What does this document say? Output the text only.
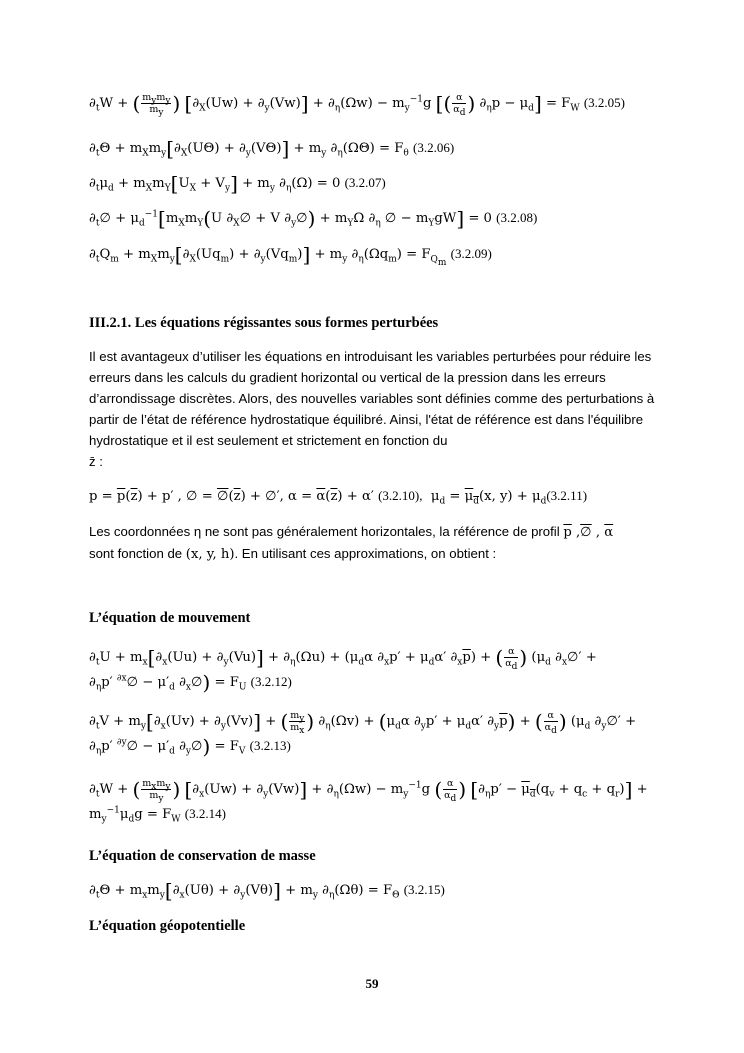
$\partial_tW$ + ( $\frac{m_ym_y}{m_y}$ ) $[\partial_X(Uw) + \partial_y(Vw)] + \partial_\eta(\Omega w) - m_y^{-1}g$ [( $\frac{\alpha}{\alpha_d}$ ) $\partial_\eta p - \mu_d] = F_W$ (3.2.05)
$\partial_t\Theta + m_Xm_y[\partial_X(U\Theta) + \partial_y(V\Theta)] + m_y$ $\partial_\eta(\Omega\Theta) = F_\theta$ (3.2.06)
$\partial_t\mu_d + m_Xm_Y[U_X + V_y] + m_y$ $\partial_\eta(\Omega) = 0$ (3.2.07)
$\partial_t\emptyset + \mu_d^{-1}[m_Xm_Y(U$ $\partial_X\emptyset + V$ $\partial_y\emptyset) + m_Y\Omega$ $\partial_\eta$ ∅ − $m_YgW] = 0$ (3.2.08)
$\partial_tQ_m + m_Xm_y[\partial_X(Uq_m) + \partial_y(Vq_m)] + m_y$ $\partial_\eta(\Omega q_m) = F_{Q_m}$ (3.2.09)
III.2.1. Les équations régissantes sous formes perturbées
Il est avantageux d’utiliser les équations en introduisant les variables perturbées pour réduire les erreurs dans les calculs du gradient horizontal ou vertical de la pression dans les erreurs d’arrondissage discrètes. Alors, des nouvelles variables sont définies comme des perturbations à partir de l’état de référence hydrostatique équilibré. Ainsi, l'état de référence est dans l'équilibre hydrostatique et il est seulement et strictement en fonction du
z̄ :
$p = \overline{p}(\overline{z}) + p'$ , ∅ = $\emptyset(\overline{z})$ + ∅′, $\alpha = \overline{\alpha}(\overline{z}) + \alpha'$ (3.2.10),  $\mu_d = \mu_d(x$, $y) + \mu_d(3.2.11)$
Les coordonnées η ne sont pas généralement horizontales, la référence de profil $\overline{p}$ ,∅ , $\overline{\alpha}$
sont fonction de (x, y, h). En utilisant ces approximations, on obtient :
L’équation de mouvement
$\partial_tU + m_x[\partial_x(Uu) + \partial_y(Vu)] + \partial_\eta(\Omega u) + (\mu_d\alpha$ $\partial_xp' + \mu_d\alpha'$ $\partial_x\overline{p}$) + ( $\frac{\alpha}{\alpha_d}$ ) ($\mu_d$ $\partial_x\emptyset'$ +
$\partial_\eta p'$ $^{\partial x}$∅ − $\mu'_d$ $\partial_x\emptyset) = F_U$ (3.2.12)
$\partial_tV + m_y[\partial_x(Uv) + \partial_y(Vv)]$ + ( $\frac{m_y}{m_x}$ ) $\partial_\eta(\Omega v) + (\mu_d\alpha$ $\partial_yp' + \mu_d\alpha'$ $\partial_y\overline{p}$) + ( $\frac{\alpha}{\alpha_d}$ ) ($\mu_d$ $\partial_y\emptyset'$ +
$\partial_\eta p'$ $^{\partial y}$∅ − $\mu'_d$ $\partial_y\emptyset) = F_V$ (3.2.13)
$\partial_tW$ + ( $\frac{m_xm_y}{m_y}$ ) $[\partial_x(Uw) + \partial_y(Vw)] + \partial_\eta(\Omega w) - m_y^{-1}g$ ( $\frac{\alpha}{\alpha_d}$ ) $[\partial_\eta p' - \mu_d(q_v + q_c + q_r)]$ +
$m_y^{-1}\mu_dg = F_W$ (3.2.14)
L’équation de conservation de masse
$\partial_t\Theta + m_xm_y[\partial_x(U\theta) + \partial_y(V\theta)] + m_y$ $\partial_\eta(\Omega\theta) = F_\Theta$ (3.2.15)
L’équation géopotentielle
59
